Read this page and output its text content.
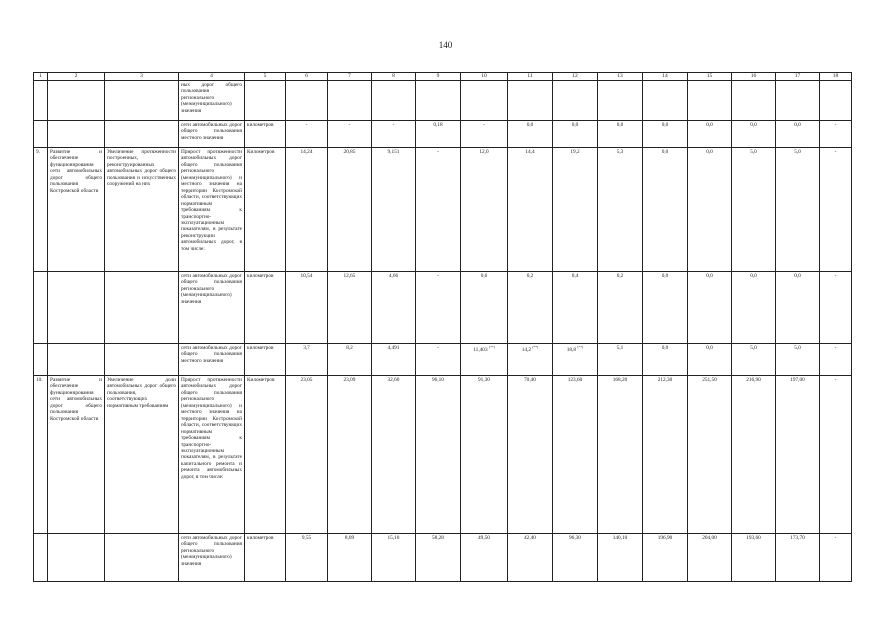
140
1	2	3	4	5	6	7	8	9	10	11	12	13	14	15	16	17	18
			ных дорог общего пользования регионального (межмуниципального) значения														
			сети автомобильных дорог общего пользования местного значения	километров	-	-	-	0,18	-	0,0	0,0	0,0	0,0	0,0	0,0	0,0	-
9.	Развитие и обеспечение функционирования сети автомобильных дорог общего пользования Костромской области	Увеличение протяженности построенных, реконструированных автомобильных дорог общего пользования и искусственных сооружений на них	Прирост протяженности автомобильных дорог общего пользования регионального (межмуниципального) и местного значения на территории Костромской области, соответствующих нормативным требованиям к транспортно-эксплуатационным показателям, в результате реконструкции автомобильных дорог, в том числе:	Километров	14,24	20,85	9,151	-	12,0	14,4	19,2	5,3	0,0	0,0	5,0	5,0	-
			сети автомобильных дорог общего пользования регионального (межмуниципального) значения	километров	10,54	12,65	4,66	-	0,6	0,2	0,4	0,2	0,0	0,0	0,0	0,0	-
			сети автомобильных дорог общего пользования местного значения	километров	3,7	8,2	4,491	-	11,403 (**)	14,2 (**)	18,8 (**)	5,1	0,0	0,0	5,0	5,0	-
10.	Развитие и обеспечение функционирования сети автомобильных дорог общего пользования Костромской области	Увеличение доли автомобильных дорог общего пользования, соответствующих нормативным требованиям	Прирост протяженности автомобильных дорог общего пользования регионального (межмуниципального) и местного значения на территории Костромской области, соответствующих нормативным требованиям к транспортно-эксплуатационным показателям, в результате капитального ремонта и ремонта автомобильных дорог, в том числе:	Километров	23,05	23,09	32,60	96,10	91,30	70,40	123,60	168,20	212,30	251,50	216,90	197,00	-
			сети автомобильных дорог общего пользования регионального (межмуниципального) значения	километров	9,55	8,09	15,10	58,28	49,50	42,40	96,30	140,10	196,90	204,00	193,60	173,70	-
